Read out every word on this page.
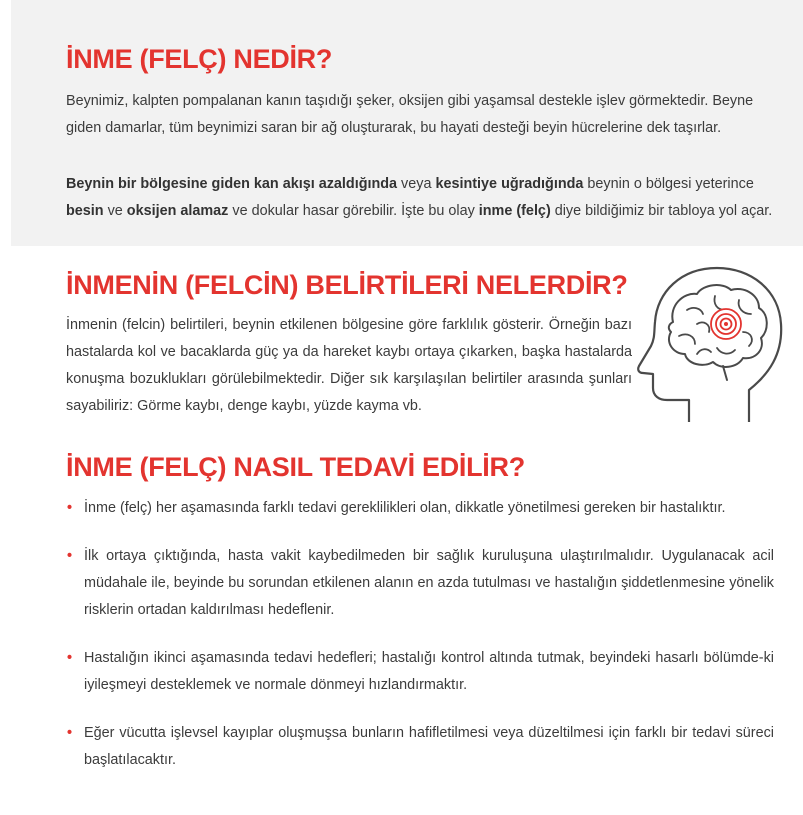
İNME (FELÇ) NEDİR?

Beynimiz, kalpten pompalanan kanın taşıdığı şeker, oksijen gibi yaşamsal destekle işlev görmektedir. Beyne giden damarlar, tüm beynimizi saran bir ağ oluşturarak, bu hayati desteği beyin hücrelerine dek taşırlar.

Beynin bir bölgesine giden kan akışı azaldığında veya kesintiye uğradığında beynin o bölgesi yeterince besin ve oksijen alamaz ve dokular hasar görebilir. İşte bu olay inme (felç) diye bildiğimiz bir tabloya yol açar.

İNMENİN (FELCİN) BELİRTİLERİ NELERDİR?

İnmenin (felcin) belirtileri, beynin etkilenen bölgesine göre farklılık gösterir. Örneğin bazı hastalarda kol ve bacaklarda güç ya da hareket kaybı ortaya çıkarken, başka hastalarda konuşma bozuklukları görülebilmektedir. Diğer sık karşılaşılan belirtiler arasında şunları sayabiliriz: Görme kaybı, denge kaybı, yüzde kayma vb.

İNME (FELÇ) NASIL TEDAVİ EDİLİR?
• İnme (felç) her aşamasında farklı tedavi gereklilikleri olan, dikkatle yönetilmesi gereken bir hastalıktır.
• İlk ortaya çıktığında, hasta vakit kaybedilmeden bir sağlık kuruluşuna ulaştırılmalıdır. Uygulanacak acil müdahale ile, beyinde bu sorundan etkilenen alanın en azda tutulması ve hastalığın şiddetlenmesine yönelik risklerin ortadan kaldırılması hedeflenir.
• Hastalığın ikinci aşamasında tedavi hedefleri; hastalığı kontrol altında tutmak, beyindeki hasarlı bölümde-ki iyileşmeyi desteklemek ve normale dönmeyi hızlandırmaktır.
• Eğer vücutta işlevsel kayıplar oluşmuşsa bunların hafifletilmesi veya düzeltilmesi için farklı bir tedavi süreci başlatılacaktır.
